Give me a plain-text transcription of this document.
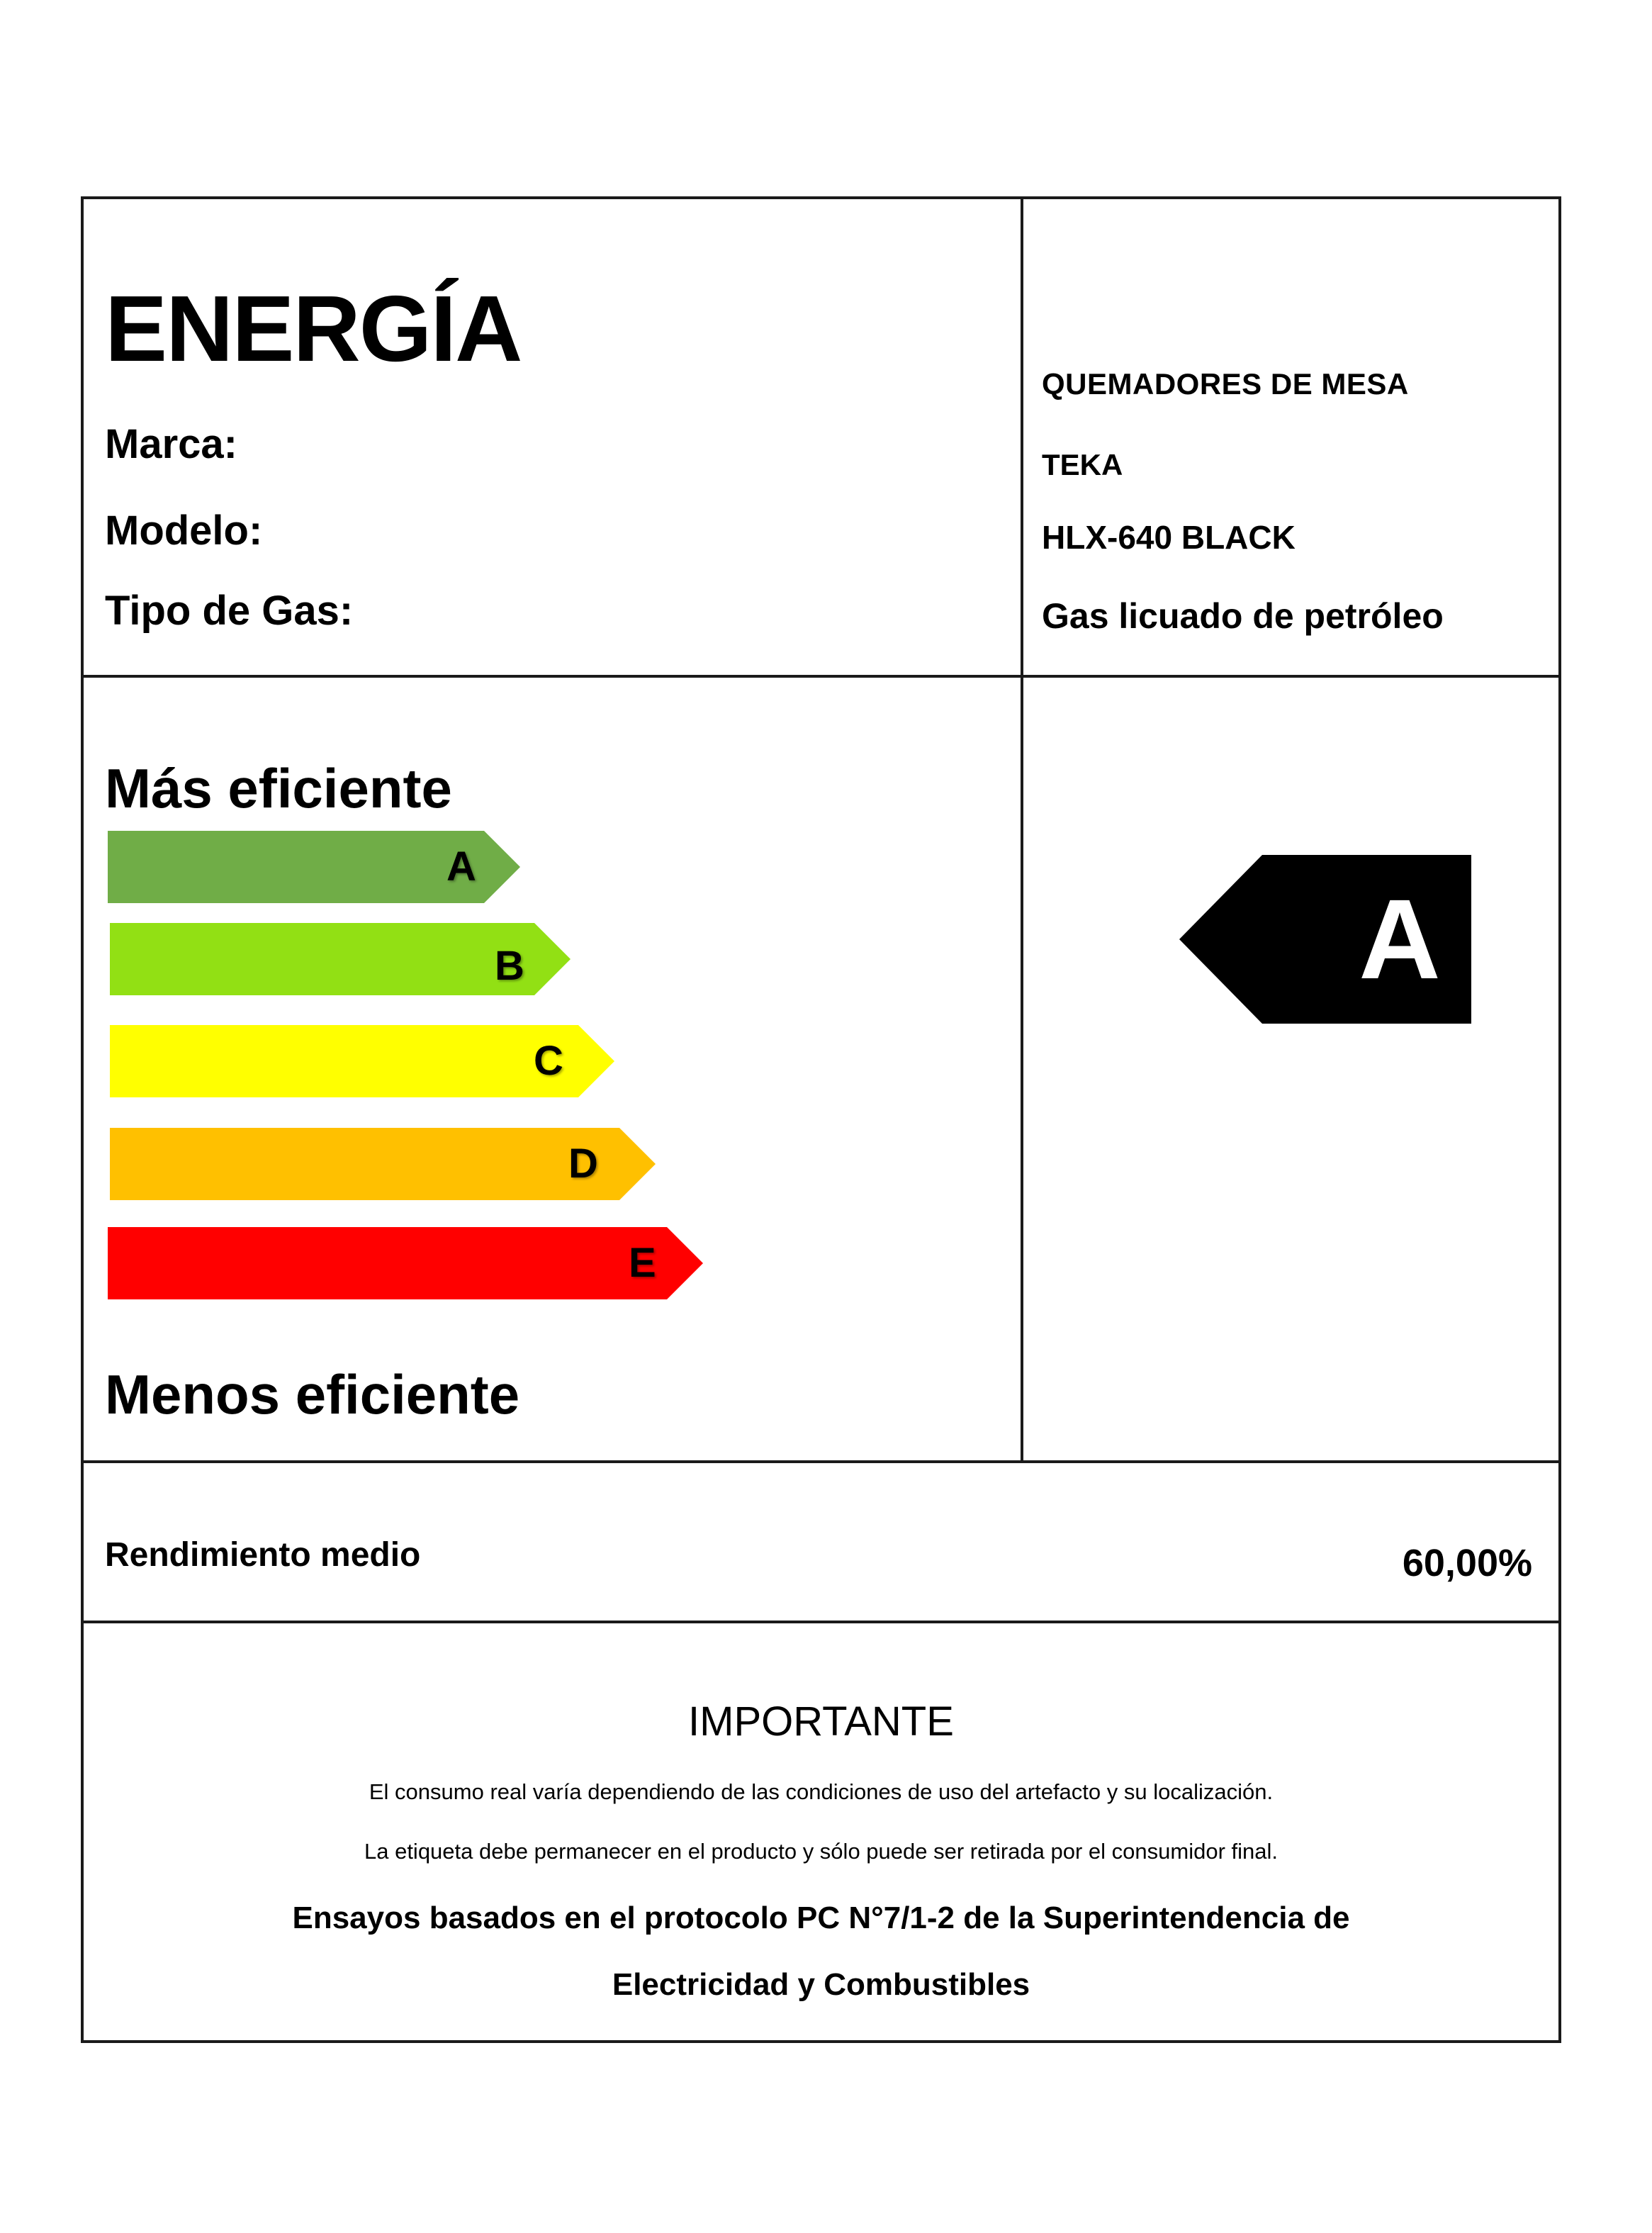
ENERGÍA
Marca:
Modelo:
Tipo de Gas:
QUEMADORES DE MESA
TEKA
HLX-640 BLACK
Gas licuado de petróleo
Más eficiente
A
B
C
D
E
Menos eficiente
A
Rendimiento medio	60,00%
IMPORTANTE
El consumo real varía dependiendo de las condiciones de uso del artefacto y su localización.
La etiqueta debe permanecer en el producto y sólo puede ser retirada por el consumidor final.
Ensayos basados en el protocolo PC N°7/1-2 de la Superintendencia de
Electricidad y Combustibles
